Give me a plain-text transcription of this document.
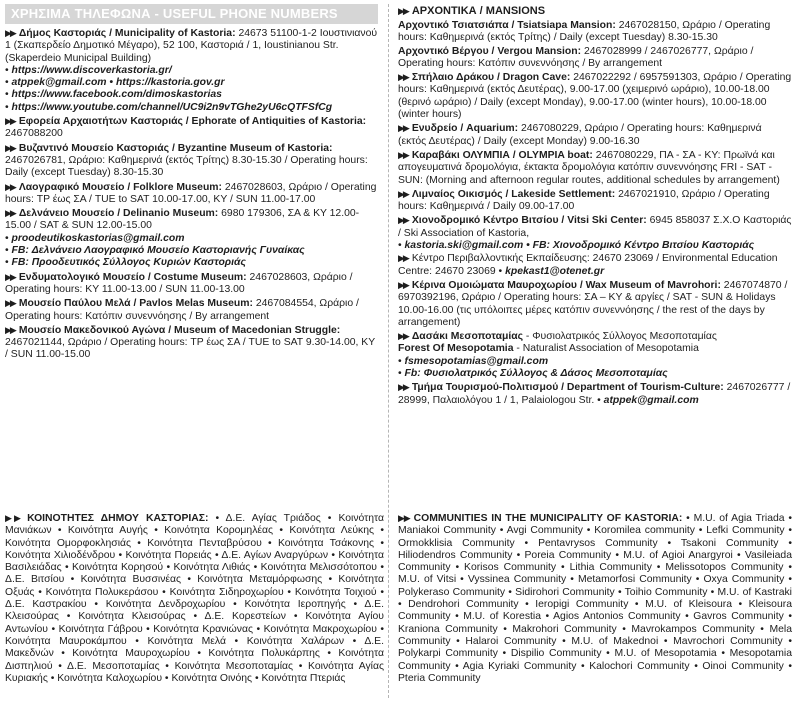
ΧΡΗΣΙΜΑ ΤΗΛΕΦΩΝΑ - USEFUL PHONE NUMBERS
▶▶ Δήμος Καστοριάς / Municipality of Kastoria: 24673 51100-1-2 Ιουστινιανού 1 (Σκαπερδείο Δημοτικό Μέγαρο), 52 100, Καστοριά / 1, Ioustinianou Str. (Skaperdeio Municipal Building)
• https://www.discoverkastoria.gr/
• atppek@gmail.com • https://kastoria.gov.gr
• https://www.facebook.com/dimoskastorias
• https://www.youtube.com/channel/UC9i2n9vTGhe2yU6cQTFSfCg
▶▶ Εφορεία Αρχαιοτήτων Καστοριάς / Ephorate of Antiquities of Kastoria: 2467088200
▶▶ Βυζαντινό Μουσείο Καστοριάς / Byzantine Museum of Kastoria: 2467026781, Ωράριο: Καθημερινά (εκτός Τρίτης) 8.30-15.30 / Operating hours: Daily (except Tuesday) 8.30-15.30
▶▶ Λαογραφικό Μουσείο / Folklore Museum: 2467028603, Ωράριο / Operating hours: ΤΡ έως ΣΑ / TUE to SAT 10.00-17.00, ΚΥ / SUN 11.00-17.00
▶▶ Δελνάνειο Μουσείο / Delinanio Museum: 6980 179306, ΣΑ & ΚΥ 12.00-15.00 / SAT & SUN 12.00-15.00
• proodeutikoskastorias@gmail.com
• FB: Δελνάνειο Λαογραφικό Μουσείο Καστοριανής Γυναίκας
• FB: Προοδευτικός Σύλλογος Κυριών Καστοριάς
▶▶ Ενδυματολογικό Μουσείο / Costume Museum: 2467028603, Ωράριο / Operating hours: ΚΥ 11.00-13.00 / SUN 11.00-13.00
▶▶ Μουσείο Παύλου Μελά / Pavlos Melas Museum: 2467084554, Ωράριο / Operating hours: Κατόπιν συνεννόησης / By arrangement
▶▶ Μουσείο Μακεδονικού Αγώνα / Museum of Macedonian Struggle: 2467021144, Ωράριο / Operating hours: ΤΡ έως ΣΑ / TUE to SAT 9.30-14.00, ΚΥ / SUN 11.00-15.00
▶▶ ΑΡΧΟΝΤΙΚΑ / MANSIONS
Αρχοντικό Τσιατσιάπα / Tsiatsiapa Mansion: 2467028150, Ωράριο / Operating hours: Καθημερινά (εκτός Τρίτης) / Daily (except Tuesday) 8.30-15.30
Αρχοντικό Βέργου / Vergou Mansion: 2467028999 / 2467026777, Ωράριο / Operating hours: Κατόπιν συνεννόησης / By arrangement
▶▶ Σπήλαιο Δράκου / Dragon Cave: 2467022292 / 6957591303, Ωράριο / Operating hours: Καθημερινά (εκτός Δευτέρας), 9.00-17.00 (χειμερινό ωράριο), 10.00-18.00 (θερινό ωράριο) / Daily (except Monday), 9.00-17.00 (winter hours), 10.00-18.00 (winter hours)
▶▶ Ενυδρείο / Aquarium: 2467080229, Ωράριο / Operating hours: Καθημερινά (εκτός Δευτέρας) / Daily (except Monday) 9.00-16.30
▶▶ Καραβάκι ΟΛΥΜΠΙΑ / OLYMPIA boat: 2467080229, ΠΑ - ΣΑ - ΚΥ: Πρωϊνά και απογευματινά δρομολόγια, έκτακτα δρομολόγια κατόπιν συνεννόησης FRI - SAT - SUN: (Morning and afternoon regular routes, additional schedules by arrangement)
▶▶ Λιμναίος Οικισμός / Lakeside Settlement: 2467021910, Ωράριο / Operating hours: Καθημερινά / Daily 09.00-17.00
▶▶ Χιονοδρομικό Κέντρο Βιτσίου / Vitsi Ski Center: 6945 858037 Σ.Χ.Ο Καστοριάς / Ski Association of Kastoria,
• kastoria.ski@gmail.com • FB: Χιονοδρομικό Κέντρο Βιτσίου Καστοριάς
▶▶ Κέντρο Περιβαλλοντικής Εκπαίδευσης: 24670 23069 / Environmental Education Centre: 24670 23069 • kpekast1@otenet.gr
▶▶ Κέρινα Ομοιώματα Μαυροχωρίου / Wax Museum of Mavrohori: 2467074870 / 6970392196, Ωράριο / Operating hours: ΣΑ – ΚΥ & αργίες / SAT - SUN & Holidays 10.00-16.00 (τις υπόλοιπες μέρες κατόπιν συνεννόησης / the rest of the days by arrangement)
▶▶ Δασάκι Μεσοποταμίας - Φυσιολατρικός Σύλλογος Μεσοποταμίας
Forest Of Mesopotamia - Naturalist Association of Mesopotamia
• fsmesopotamias@gmail.com
• Fb: Φυσιολατρικός Σύλλογος & Δάσος Μεσοποταμίας
▶▶ Τμήμα Τουρισμού-Πολιτισμού / Department of Tourism-Culture: 2467026777 / 28999, Παλαιολόγου 1 / 1, Palaiologou Str. • atppek@gmail.com
▶▶ ΚΟΙΝΟΤΗΤΕΣ ΔΗΜΟΥ ΚΑΣΤΟΡΙΑΣ: • Δ.Ε. Αγίας Τριάδος • Κοινότητα Μανιάκων • Κοινότητα Αυγής • Κοινότητα Κορομηλέας • Κοινότητα Λεύκης • Κοινότητα Ομορφοκλησιάς • Κοινότητα Πενταβρύσου • Κοινότητα Τσάκονης • Κοινότητα Χιλιοδένδρου • Κοινότητα Πορειάς • Δ.Ε. Αγίων Αναργύρων • Κοινότητα Βασιλειάδας • Κοινότητα Κορησού • Κοινότητα Λιθιάς • Κοινότητα Μελισσότοπου • Δ.Ε. Βιτσίου • Κοινότητα Βυσσινέας • Κοινότητα Μεταμόρφωσης • Κοινότητα Οξυάς • Κοινότητα Πολυκεράσου • Κοινότητα Σιδηροχωρίου • Κοινότητα Τοιχιού • Δ.Ε. Καστρακίου • Κοινότητα Δενδροχωρίου • Κοινότητα Ιεροπηγής • Δ.Ε. Κλεισούρας • Κοινότητα Κλεισούρας • Δ.Ε. Κορεστείων • Κοινότητα Αγίου Αντωνίου • Κοινότητα Γάβρου • Κοινότητα Κρανιώνας • Κοινότητα Μακροχωρίου • Κοινότητα Μαυροκάμπου • Κοινότητα Μελά • Κοινότητα Χαλάρων • Δ.Ε. Μακεδνών • Κοινότητα Μαυροχωρίου • Κοινότητα Πολυκάρπης • Κοινότητα Δισπηλιού • Δ.Ε. Μεσοποταμίας • Κοινότητα Μεσοποταμίας • Κοινότητα Αγίας Κυριακής • Κοινότητα Καλοχωρίου • Κοινότητα Οινόης • Κοινότητα Πτεριάς
▶▶ COMMUNITIES IN THE MUNICIPALITY OF KASTORIA: • M.U. of Agia Triada • Maniakoi Community • Avgi Community • Koromilea community • Lefki Community • Ormokklisia Community • Pentavrysos Community • Tsakoni Community • Hiliodendros Community • Poreia Community • M.U. of Agioi Anargyroi • Vasileiada Community • Korisos Community • Lithia Community • Melissotopos Community • M.U. of Vitsi • Vyssinea Community • Metamorfosi Community • Oxya Community • Polykeraso Community • Sidirohori Community • Toihio Community • M.U. of Kastraki • Dendrohori Community • Ieropigi Community • M.U. of Kleisoura • Kleisoura Community • M.U. of Korestia • Agios Antonios Community • Gavros Community • Kraniona Community • Makrohori Community • Mavrokampos Community • Mela Community • Halaroi Community • M.U. of Makednoi • Mavrochori Community • Polykarpi Community • Dispilio Community • M.U. of Mesopotamia • Mesopotamia Community • Agia Kyriaki Community • Kalochori Community • Oinoi Community • Pteria Community
